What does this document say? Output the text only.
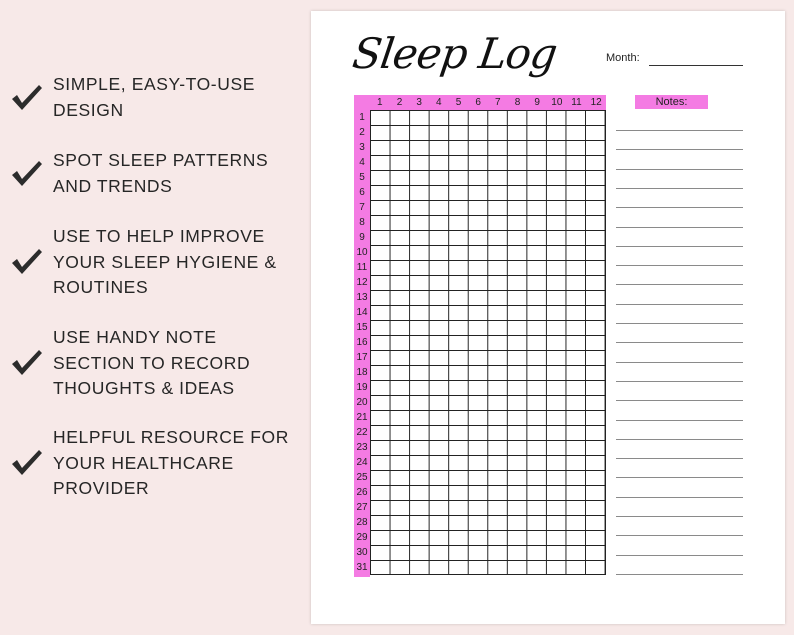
SIMPLE, EASY-TO-USE
DESIGN
SPOT SLEEP PATTERNS
AND TRENDS
USE TO HELP IMPROVE
YOUR SLEEP HYGIENE &
ROUTINES
USE HANDY NOTE
SECTION TO RECORD
THOUGHTS & IDEAS
HELPFUL RESOURCE FOR
YOUR HEALTHCARE
PROVIDER
Sleep Log	Month:
Notes:
1	2	3	4	5	6	7	8	9	10 11 12
1
2
3
4
5
6
7
8
9
10
11
12
13
14
15
16
17
18
19
20
21
22
23
24
25
26
27
28
29
30
31
